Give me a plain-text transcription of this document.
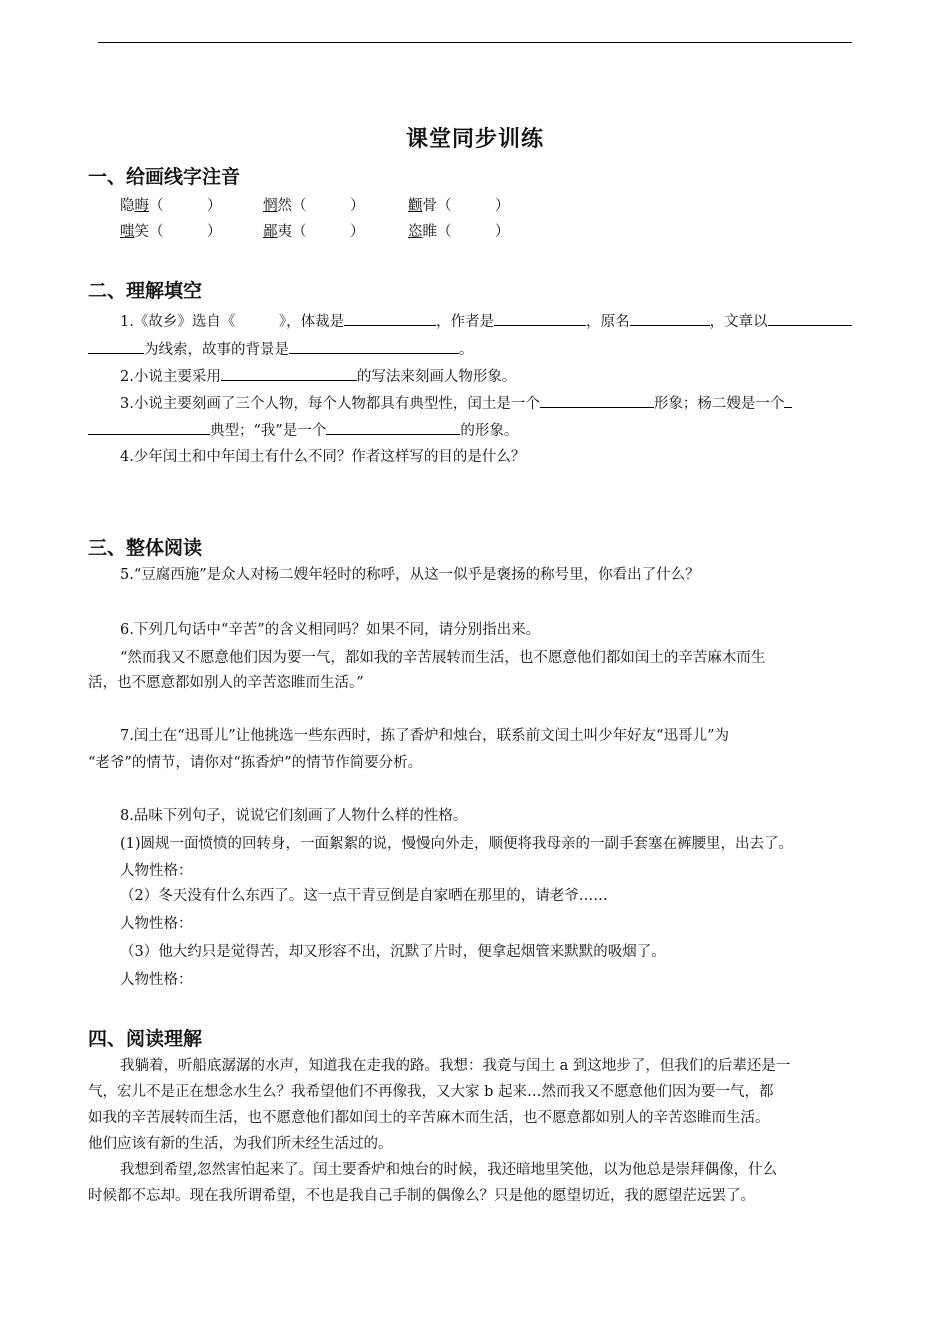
课堂同步训练
一、给画线字注音
隐晦（　　　）	惘然（　　　）	颧骨（　　　）
嗤笑（　　　）	鄙夷（　　　）	恣睢（　　　）
二、理解填空
1.《故乡》选自《　　　》，体裁是	，作者是	，原名	，文章以
为线索，故事的背景是	。
2.小说主要采用	的写法来刻画人物形象。
3.小说主要刻画了三个人物，每个人物都具有典型性，闰土是一个	形象；杨二嫂是一个
典型；“我”是一个	的形象。
4.少年闰土和中年闰土有什么不同？作者这样写的目的是什么？
三、整体阅读
5.“豆腐西施”是众人对杨二嫂年轻时的称呼，从这一似乎是褒扬的称号里，你看出了什么？
6.下列几句话中“辛苦”的含义相同吗？如果不同，请分别指出来。
“然而我又不愿意他们因为要一气，都如我的辛苦展转而生活，也不愿意他们都如闰土的辛苦麻木而生
活，也不愿意都如别人的辛苦恣睢而生活。”
7.闰土在“迅哥儿”让他挑选一些东西时，拣了香炉和烛台，联系前文闰土叫少年好友“迅哥儿”为
“老爷”的情节，请你对“拣香炉”的情节作简要分析。
8.品味下列句子，说说它们刻画了人物什么样的性格。
(1)圆规一面愤愤的回转身，一面絮絮的说，慢慢向外走，顺便将我母亲的一副手套塞在裤腰里，出去了。
人物性格：
（2）冬天没有什么东西了。这一点干青豆倒是自家晒在那里的，请老爷……
人物性格：
（3）他大约只是觉得苦，却又形容不出，沉默了片时，便拿起烟管来默默的吸烟了。
人物性格：
四、阅读理解
我躺着，听船底潺潺的水声，知道我在走我的路。我想：我竟与闰土 a 到这地步了，但我们的后辈还是一
气，宏儿不是正在想念水生么？我希望他们不再像我，又大家 b 起来…然而我又不愿意他们因为要一气，都
如我的辛苦展转而生活，也不愿意他们都如闰土的辛苦麻木而生活，也不愿意都如别人的辛苦恣睢而生活。
他们应该有新的生活，为我们所未经生活过的。
我想到希望,忽然害怕起来了。闰土要香炉和烛台的时候，我还暗地里笑他，以为他总是崇拜偶像，什么
时候都不忘却。现在我所谓希望，不也是我自己手制的偶像么？只是他的愿望切近，我的愿望茫远罢了。
